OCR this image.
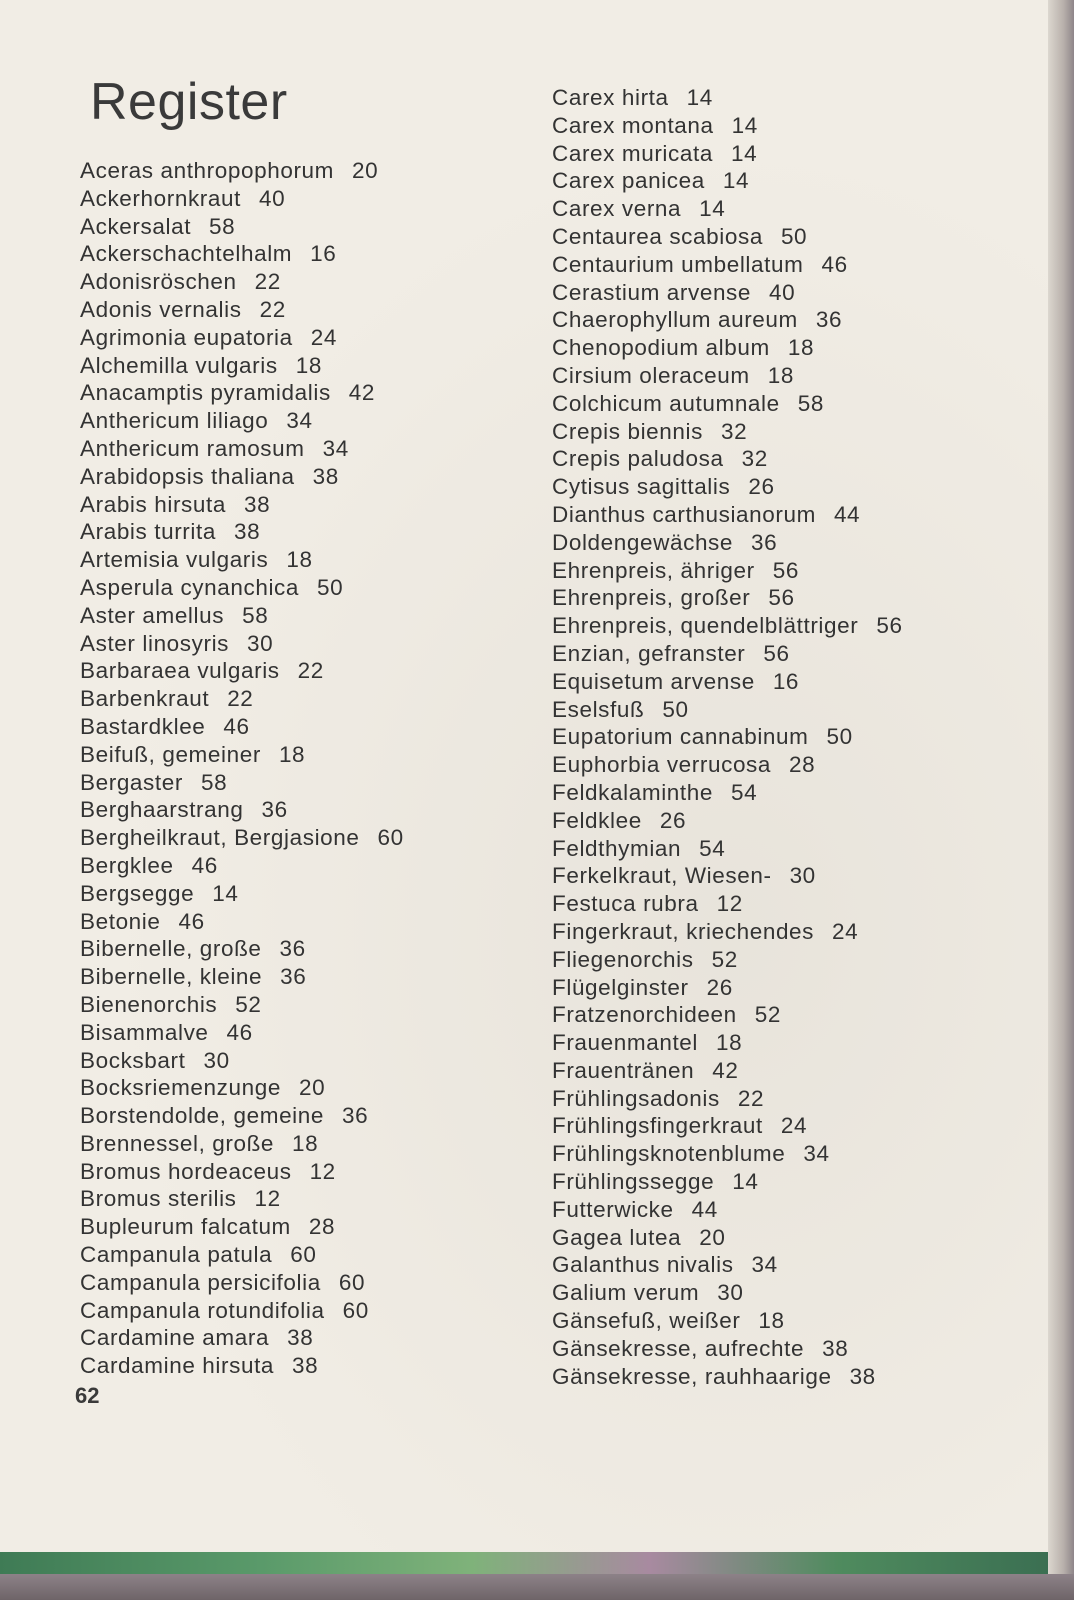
Register
Aceras anthropophorum 20
Ackerhornkraut 40
Ackersalat 58
Ackerschachtelhalm 16
Adonisröschen 22
Adonis vernalis 22
Agrimonia eupatoria 24
Alchemilla vulgaris 18
Anacamptis pyramidalis 42
Anthericum liliago 34
Anthericum ramosum 34
Arabidopsis thaliana 38
Arabis hirsuta 38
Arabis turrita 38
Artemisia vulgaris 18
Asperula cynanchica 50
Aster amellus 58
Aster linosyris 30
Barbaraea vulgaris 22
Barbenkraut 22
Bastardklee 46
Beifuß, gemeiner 18
Bergaster 58
Berghaarstrang 36
Bergheilkraut, Bergjasione 60
Bergklee 46
Bergsegge 14
Betonie 46
Bibernelle, große 36
Bibernelle, kleine 36
Bienenorchis 52
Bisammalve 46
Bocksbart 30
Bocksriemenzunge 20
Borstendolde, gemeine 36
Brennessel, große 18
Bromus hordeaceus 12
Bromus sterilis 12
Bupleurum falcatum 28
Campanula patula 60
Campanula persicifolia 60
Campanula rotundifolia 60
Cardamine amara 38
Cardamine hirsuta 38
Carex hirta 14
Carex montana 14
Carex muricata 14
Carex panicea 14
Carex verna 14
Centaurea scabiosa 50
Centaurium umbellatum 46
Cerastium arvense 40
Chaerophyllum aureum 36
Chenopodium album 18
Cirsium oleraceum 18
Colchicum autumnale 58
Crepis biennis 32
Crepis paludosa 32
Cytisus sagittalis 26
Dianthus carthusianorum 44
Doldengewächse 36
Ehrenpreis, ähriger 56
Ehrenpreis, großer 56
Ehrenpreis, quendelblättriger 56
Enzian, gefranster 56
Equisetum arvense 16
Eselsfuß 50
Eupatorium cannabinum 50
Euphorbia verrucosa 28
Feldkalaminthe 54
Feldklee 26
Feldthymian 54
Ferkelkraut, Wiesen- 30
Festuca rubra 12
Fingerkraut, kriechendes 24
Fliegenorchis 52
Flügelginster 26
Fratzenorchideen 52
Frauenmantel 18
Frauentränen 42
Frühlingsadonis 22
Frühlingsfingerkraut 24
Frühlingsknotenblume 34
Frühlingssegge 14
Futterwicke 44
Gagea lutea 20
Galanthus nivalis 34
Galium verum 30
Gänsefuß, weißer 18
Gänsekresse, aufrechte 38
Gänsekresse, rauhhaarige 38
62
